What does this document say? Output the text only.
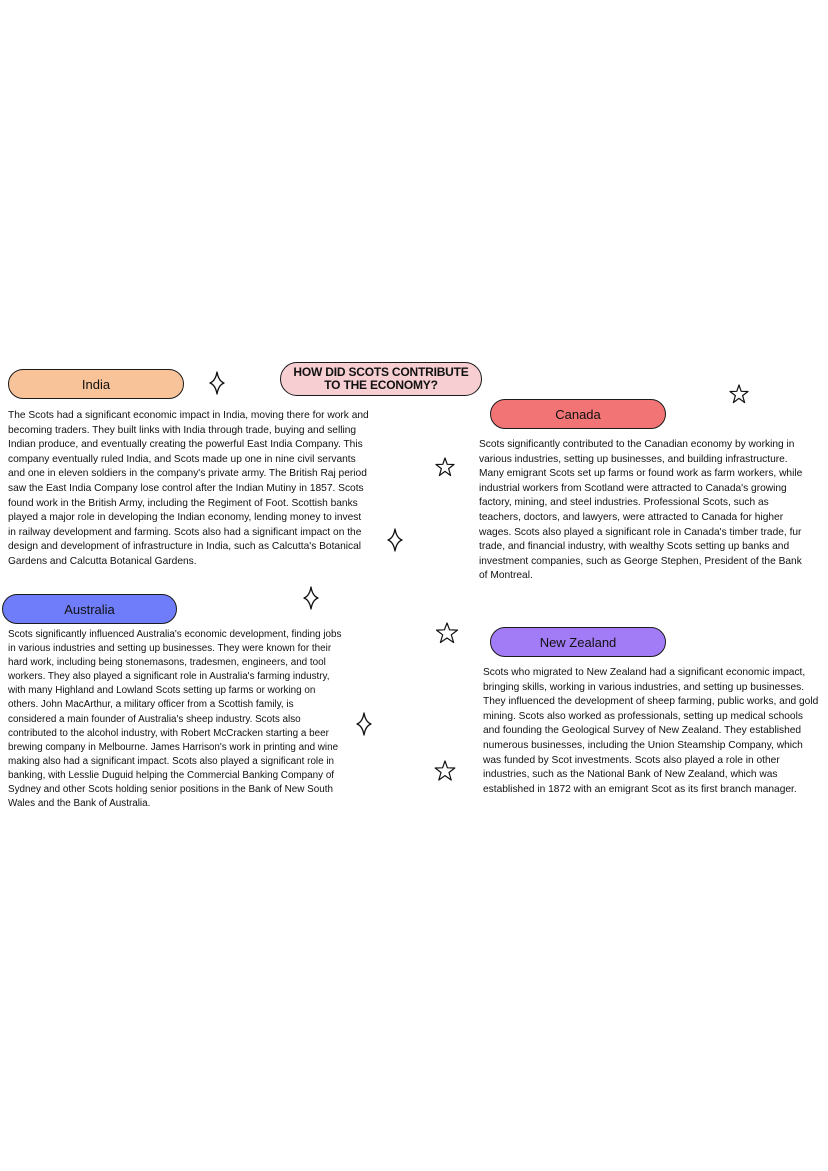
HOW DID SCOTS CONTRIBUTE
TO THE ECONOMY?
India

The Scots had a significant economic impact in India, moving there for work and becoming traders. They built links with India through trade, buying and selling Indian produce, and eventually creating the powerful East India Company. This company eventually ruled India, and Scots made up one in nine civil servants and one in eleven soldiers in the company's private army. The British Raj period saw the East India Company lose control after the Indian Mutiny in 1857. Scots found work in the British Army, including the Regiment of Foot. Scottish banks played a major role in developing the Indian economy, lending money to invest in railway development and farming. Scots also had a significant impact on the design and development of infrastructure in India, such as Calcutta's Botanical Gardens and Calcutta Botanical Gardens.

Australia

Scots significantly influenced Australia's economic development, finding jobs in various industries and setting up businesses. They were known for their hard work, including being stonemasons, tradesmen, engineers, and tool workers. They also played a significant role in Australia's farming industry, with many Highland and Lowland Scots setting up farms or working on others. John MacArthur, a military officer from a Scottish family, is considered a main founder of Australia's sheep industry. Scots also contributed to the alcohol industry, with Robert McCracken starting a beer brewing company in Melbourne. James Harrison's work in printing and wine making also had a significant impact. Scots also played a significant role in banking, with Lesslie Duguid helping the Commercial Banking Company of Sydney and other Scots holding senior positions in the Bank of New South Wales and the Bank of Australia.

Canada

Scots significantly contributed to the Canadian economy by working in various industries, setting up businesses, and building infrastructure. Many emigrant Scots set up farms or found work as farm workers, while industrial workers from Scotland were attracted to Canada's growing factory, mining, and steel industries. Professional Scots, such as teachers, doctors, and lawyers, were attracted to Canada for higher wages. Scots also played a significant role in Canada's timber trade, fur trade, and financial industry, with wealthy Scots setting up banks and investment companies, such as George Stephen, President of the Bank of Montreal.

New Zealand

Scots who migrated to New Zealand had a significant economic impact, bringing skills, working in various industries, and setting up businesses. They influenced the development of sheep farming, public works, and gold mining. Scots also worked as professionals, setting up medical schools and founding the Geological Survey of New Zealand. They established numerous businesses, including the Union Steamship Company, which was funded by Scot investments. Scots also played a role in other industries, such as the National Bank of New Zealand, which was established in 1872 with an emigrant Scot as its first branch manager.
